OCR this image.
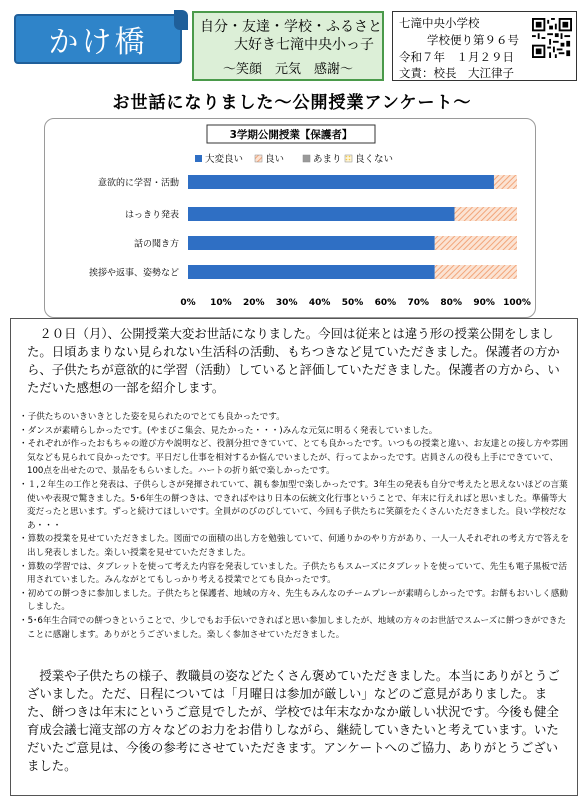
かけ橋	自分・友達・学校・ふるさと
大好き七滝中央小っ子
～笑顔　元気　感謝～
七滝中央小学校
学校便り第９６号
令和７年　１月２９日
文責：校長　大江律子
お世話になりました～公開授業アンケート～
3学期公開授業【保護者】
大変良い 良い	あまり 良くない
意欲的に学習・活動
はっきり発表
話の聞き方
挨拶や返事、姿勢など
0% 10% 20% 30% 40% 50% 60% 70% 80% 90% 100%
２０日（月）、公開授業大変お世話になりました。今回は従来とは違う形の授業公開をしました。日頃あまりない見られない生活科の活動、もちつきなど見ていただきました。保護者の方から、子供たちが意欲的に学習（活動）していると評価していただきました。保護者の方から、いただいた感想の一部を紹介します。
・子供たちのいきいきとした姿を見られたのでとても良かったです。
・ダンスが素晴らしかったです。(やまびこ集会、見たかった・・・)みんな元気に明るく発表していました。
・それぞれが作ったおもちゃの遊び方や説明など、役割分担できていて、とても良かったです。いつもの授業と違い、お友達との接し方や雰囲気なども見られて良かったです。平日だし仕事を相対するか悩んでいましたが、行ってよかったです。店員さんの役も上手にできていて、100点を出せたので、景品をもらいました。ハートの折り紙で楽しかったです。
・１,２年生の工作と発表は、子供らしさが発揮されていて、親も参加型で楽しかったです。3年生の発表も自分で考えたと思えないほどの言葉使いや表現で驚きました。5･6年生の餅つきは、できればやはり日本の伝統文化行事ということで、年末に行えればと思いました。準備等大変だったと思います。ずっと続けてほしいです。全員がのびのびしていて、今回も子供たちに笑顔をたくさんいただきました。良い学校だなあ・・・
・算数の授業を見せていただきました。図面での面積の出し方を勉強していて、何通りかのやり方があり、一人一人それぞれの考え方で答えを出し発表しました。楽しい授業を見せていただきました。
・算数の学習では、タブレットを使って考えた内容を発表していました。子供たちもスムーズにタブレットを使っていて、先生も電子黒板で活用されていました。みんながとてもしっかり考える授業でとても良かったです。
・初めての餅つきに参加しました。子供たちと保護者、地域の方々、先生もみんなのチームプレーが素晴らしかったです。お餅もおいしく感動しました。
・5･6年生合同での餅つきということで、少しでもお手伝いできればと思い参加しましたが、地域の方々のお世話でスムーズに餅つきができたことに感謝します。ありがとうございました。楽しく参加させていただきました。
授業や子供たちの様子、教職員の姿などたくさん褒めていただきました。本当にありがとうございました。ただ、日程については「月曜日は参加が厳しい」などのご意見がありました。また、餅つきは年末にというご意見でしたが、学校では年末なかなか厳しい状況です。今後も健全育成会議七滝支部の方々などのお力をお借りしながら、継続していきたいと考えています。いただいたご意見は、今後の参考にさせていただきます。アンケートへのご協力、ありがとうございました。
